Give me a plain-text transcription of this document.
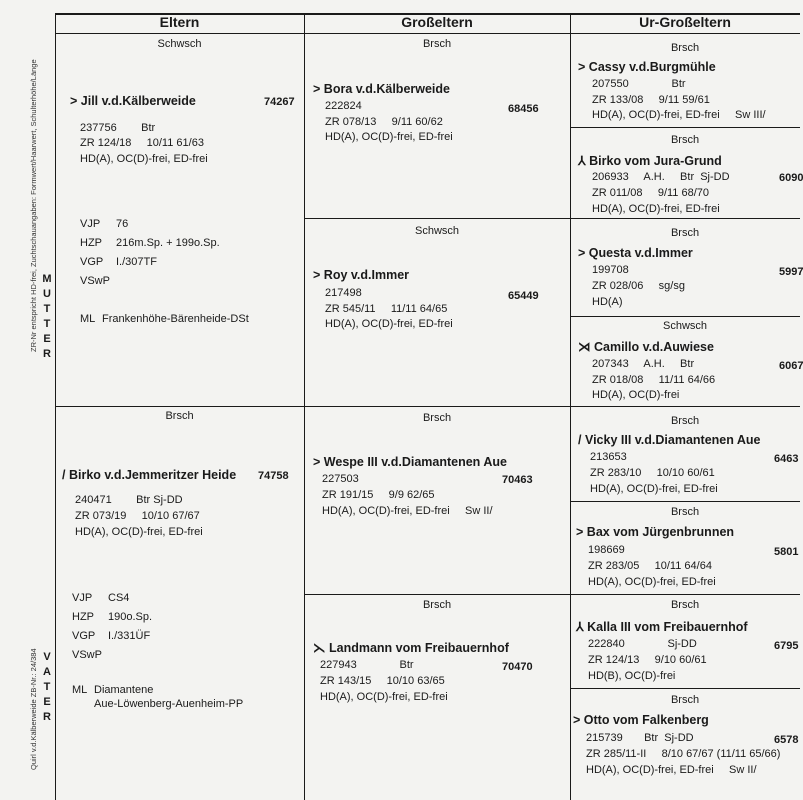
Eltern	Großeltern	Ur-Großeltern
ZR-Nr entspricht HD-frei, Zuchtschauangaben: Formwert/Haarwert, Schulterhöhe/Länge
Quirl v.d.Kälberweide ZB-Nr.: 24/384
M
U
T
T
E
R
V
A
T
E
R
Schwsch
> Jill v.d.Kälberweide	74267
237756        Btr
ZR 124/18     10/11 61/63
HD(A), OC(D)-frei, ED-frei
VJP 76
HZP 216m.Sp. + 199o.Sp.
VGP I./307TF
VSwP
ML Frankenhöhe-Bärenheide-DSt
Brsch
/ Birko v.d.Jemmeritzer Heide 74758
240471        Btr Sj-DD
ZR 073/19     10/10 67/67
HD(A), OC(D)-frei, ED-frei
VJP CS4
HZP 190o.Sp.
VGP I./331ÜF
VSwP
ML Diamantene
Aue-Löwenberg-Auenheim-PP
Brsch
> Bora v.d.Kälberweide
68456
222824
ZR 078/13     9/11 60/62
HD(A), OC(D)-frei, ED-frei
Schwsch
> Roy v.d.Immer
65449
217498
ZR 545/11     11/11 64/65
HD(A), OC(D)-frei, ED-frei
Brsch
> Wespe III v.d.Diamantenen Aue
70463
227503
ZR 191/15     9/9 62/65
HD(A), OC(D)-frei, ED-frei     Sw II/
Brsch
⋋ Landmann vom Freibauernhof
70470
227943              Btr
ZR 143/15     10/10 63/65
HD(A), OC(D)-frei, ED-frei
Brsch
> Cassy v.d.Burgmühle
207550              Btr
ZR 133/08     9/11 59/61
HD(A), OC(D)-frei, ED-frei     Sw III/
Brsch
⅄ Birko vom Jura-Grund
6090
206933     A.H.     Btr  Sj-DD
ZR 011/08     9/11 68/70
HD(A), OC(D)-frei, ED-frei
Brsch
> Questa v.d.Immer
5997
199708
ZR 028/06     sg/sg
HD(A)
Schwsch
⋊ Camillo v.d.Auwiese
6067
207343     A.H.     Btr
ZR 018/08     11/11 64/66
HD(A), OC(D)-frei
Brsch
/ Vicky III v.d.Diamantenen Aue
6463
213653
ZR 283/10     10/10 60/61
HD(A), OC(D)-frei, ED-frei
Brsch
> Bax vom Jürgenbrunnen
5801
198669
ZR 283/05     10/11 64/64
HD(A), OC(D)-frei, ED-frei
Brsch
⅄ Kalla III vom Freibauernhof
6795
222840              Sj-DD
ZR 124/13     9/10 60/61
HD(B), OC(D)-frei
Brsch
> Otto vom Falkenberg
6578
215739       Btr  Sj-DD
ZR 285/11-II     8/10 67/67 (11/11 65/66)
HD(A), OC(D)-frei, ED-frei     Sw II/
